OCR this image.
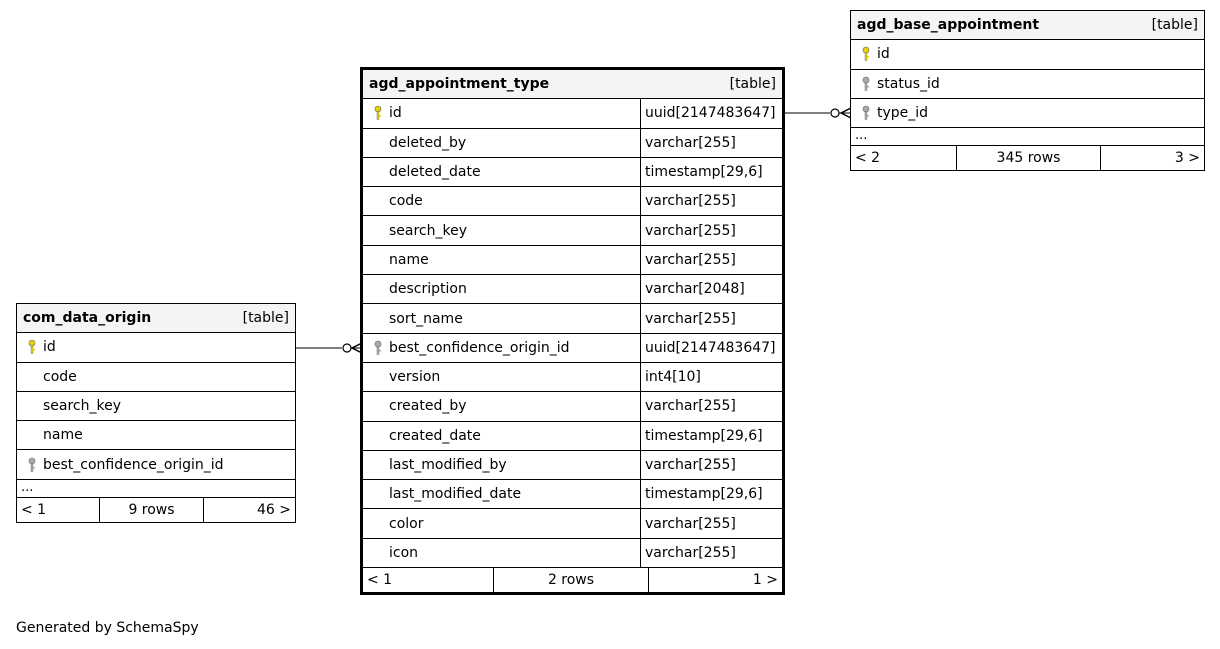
com_data_origin	[table]
id
code
search_key
name
best_confidence_origin_id
...
< 1	9 rows	46 >
agd_appointment_type	[table]
id	uuid[2147483647]
deleted_by	varchar[255]
deleted_date	timestamp[29,6]
code	varchar[255]
search_key	varchar[255]
name	varchar[255]
description	varchar[2048]
sort_name	varchar[255]
best_confidence_origin_id	uuid[2147483647]
version	int4[10]
created_by	varchar[255]
created_date	timestamp[29,6]
last_modified_by	varchar[255]
last_modified_date	timestamp[29,6]
color	varchar[255]
icon	varchar[255]
< 1	2 rows	1 >
agd_base_appointment	[table]
id
status_id
type_id
...
< 2	345 rows	3 >
Generated by SchemaSpy
